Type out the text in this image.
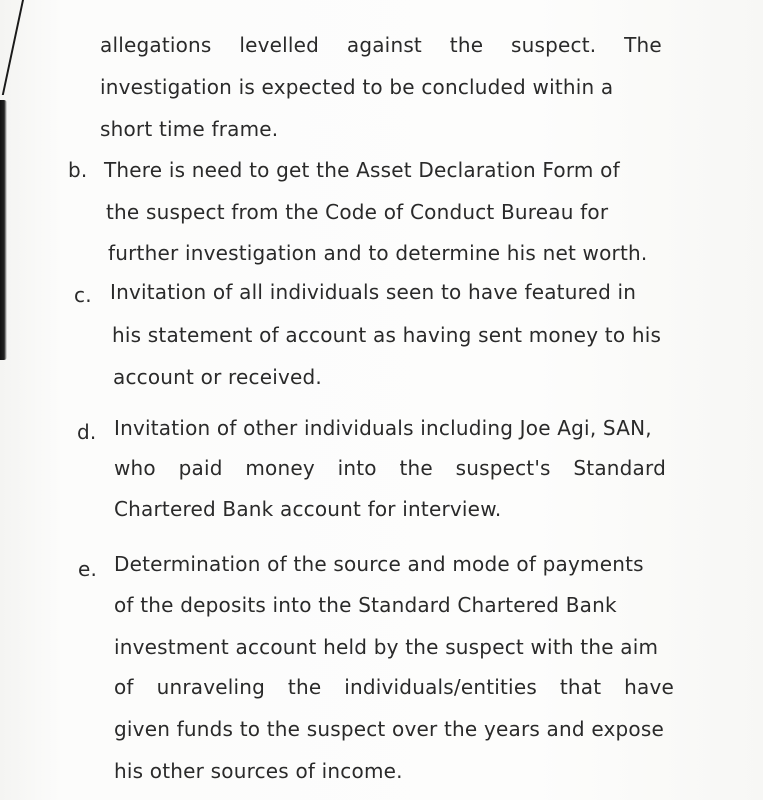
allegations levelled against the suspect. The
investigation is expected to be concluded within a
short time frame.
b. There is need to get the Asset Declaration Form of
the suspect from the Code of Conduct Bureau for
further investigation and to determine his net worth.
c. Invitation of all individuals seen to have featured in
his statement of account as having sent money to his
account or received.
d. Invitation of other individuals including Joe Agi, SAN,
who paid money into the suspect's Standard
Chartered Bank account for interview.
e. Determination of the source and mode of payments
of the deposits into the Standard Chartered Bank
investment account held by the suspect with the aim
of unraveling the individuals/entities that have
given funds to the suspect over the years and expose
his other sources of income.
